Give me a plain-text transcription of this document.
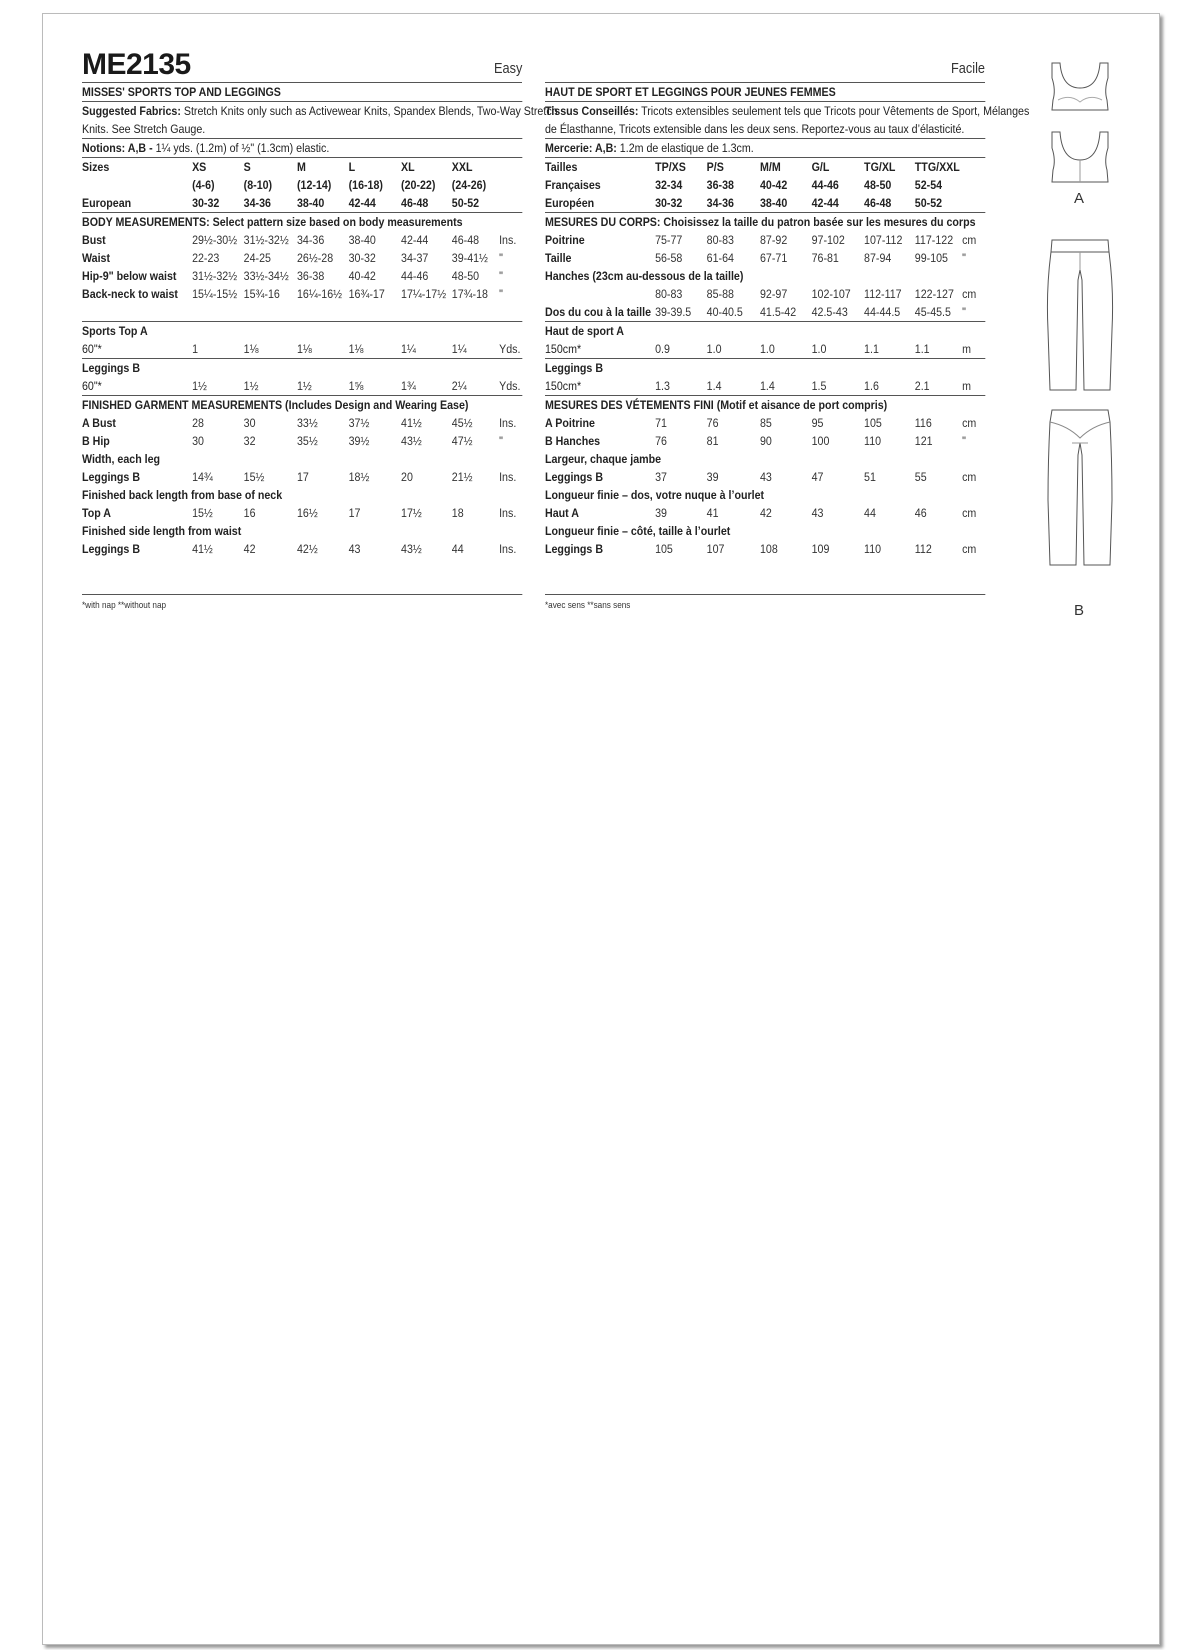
ME2135	Easy
MISSES' SPORTS TOP AND LEGGINGS
Suggested Fabrics: Stretch Knits only such as Activewear Knits, Spandex Blends, Two-Way Stretch
Knits. See Stretch Gauge.
Notions: A,B - 1¼ yds. (1.2m) of ½" (1.3cm) elastic.
Sizes	XS	S	M	L	XL	XXL
(4-6) (8-10) (12-14) (16-18) (20-22) (24-26)
European	30-32 34-36 38-40 42-44 46-48 50-52
BODY MEASUREMENTS: Select pattern size based on body measurements
Bust	29½-30½ 31½-32½ 34-36 38-40 42-44 46-48 Ins.
Waist	22-23 24-25 26½-28 30-32 34-37 39-41½ "
Hip-9" below waist 31½-32½ 33½-34½ 36-38 40-42 44-46 48-50 "
Back-neck to waist 15¼-15½ 15¾-16 16¼-16½ 16¾-17 17¼-17½ 17¾-18 "
Sports Top A
60"*	1	1⅛	1⅛	1⅛	1¼	1¼	Yds.
Leggings B
60"*	1½	1½	1½	1⅝	1¾	2¼	Yds.
FINISHED GARMENT MEASUREMENTS (Includes Design and Wearing Ease)
A Bust	28	30	33½ 37½	41½ 45½ Ins.
B Hip	30	32	35½ 39½	43½ 47½ "
Width, each leg
Leggings B	14¾ 15½	17	18½	20	21½ Ins.
Finished back length from base of neck
Top A	15½ 16	16½ 17	17½ 18	Ins.
Finished side length from waist
Leggings B	41½ 42	42½ 43	43½ 44	Ins.
*with nap **without nap
Facile
HAUT DE SPORT ET LEGGINGS POUR JEUNES FEMMES
Tissus Conseillés: Tricots extensibles seulement tels que Tricots pour Vêtements de Sport, Mélanges
de Élasthanne, Tricots extensible dans les deux sens. Reportez-vous au taux d’élasticité.
Mercerie: A,B: 1.2m de elastique de 1.3cm.
Tailles	TP/XS P/S	M/M G/L	TG/XL TTG/XXL
Françaises	32-34 36-38 40-42 44-46 48-50 52-54
Européen	30-32 34-36 38-40 42-44 46-48 50-52
MESURES DU CORPS: Choisissez la taille du patron basée sur les mesures du corps
Poitrine	75-77 80-83 87-92 97-102 107-112 117-122 cm
Taille	56-58 61-64 67-71 76-81 87-94 99-105 "
Hanches (23cm au-dessous de la taille)
80-83 85-88 92-97 102-107 112-117 122-127 cm
Dos du cou à la taille 39-39.5 40-40.5 41.5-42 42.5-43 44-44.5 45-45.5 "
Haut de sport A
150cm*	0.9	1.0	1.0	1.0	1.1	1.1	m
Leggings B
150cm*	1.3	1.4	1.4	1.5	1.6	2.1	m
MESURES DES VÉTEMENTS FINI (Motif et aisance de port compris)
A Poitrine	71	76	85	95	105	116 cm
B Hanches	76	81	90	100	110	121 "
Largeur, chaque jambe
Leggings B	37	39	43	47	51	55	cm
Longueur finie – dos, votre nuque à l’ourlet
Haut A	39	41	42	43	44	46	cm
Longueur finie – côté, taille à l’ourlet
Leggings B	105	107	108	109	110	112 cm
*avec sens **sans sens
A
B
